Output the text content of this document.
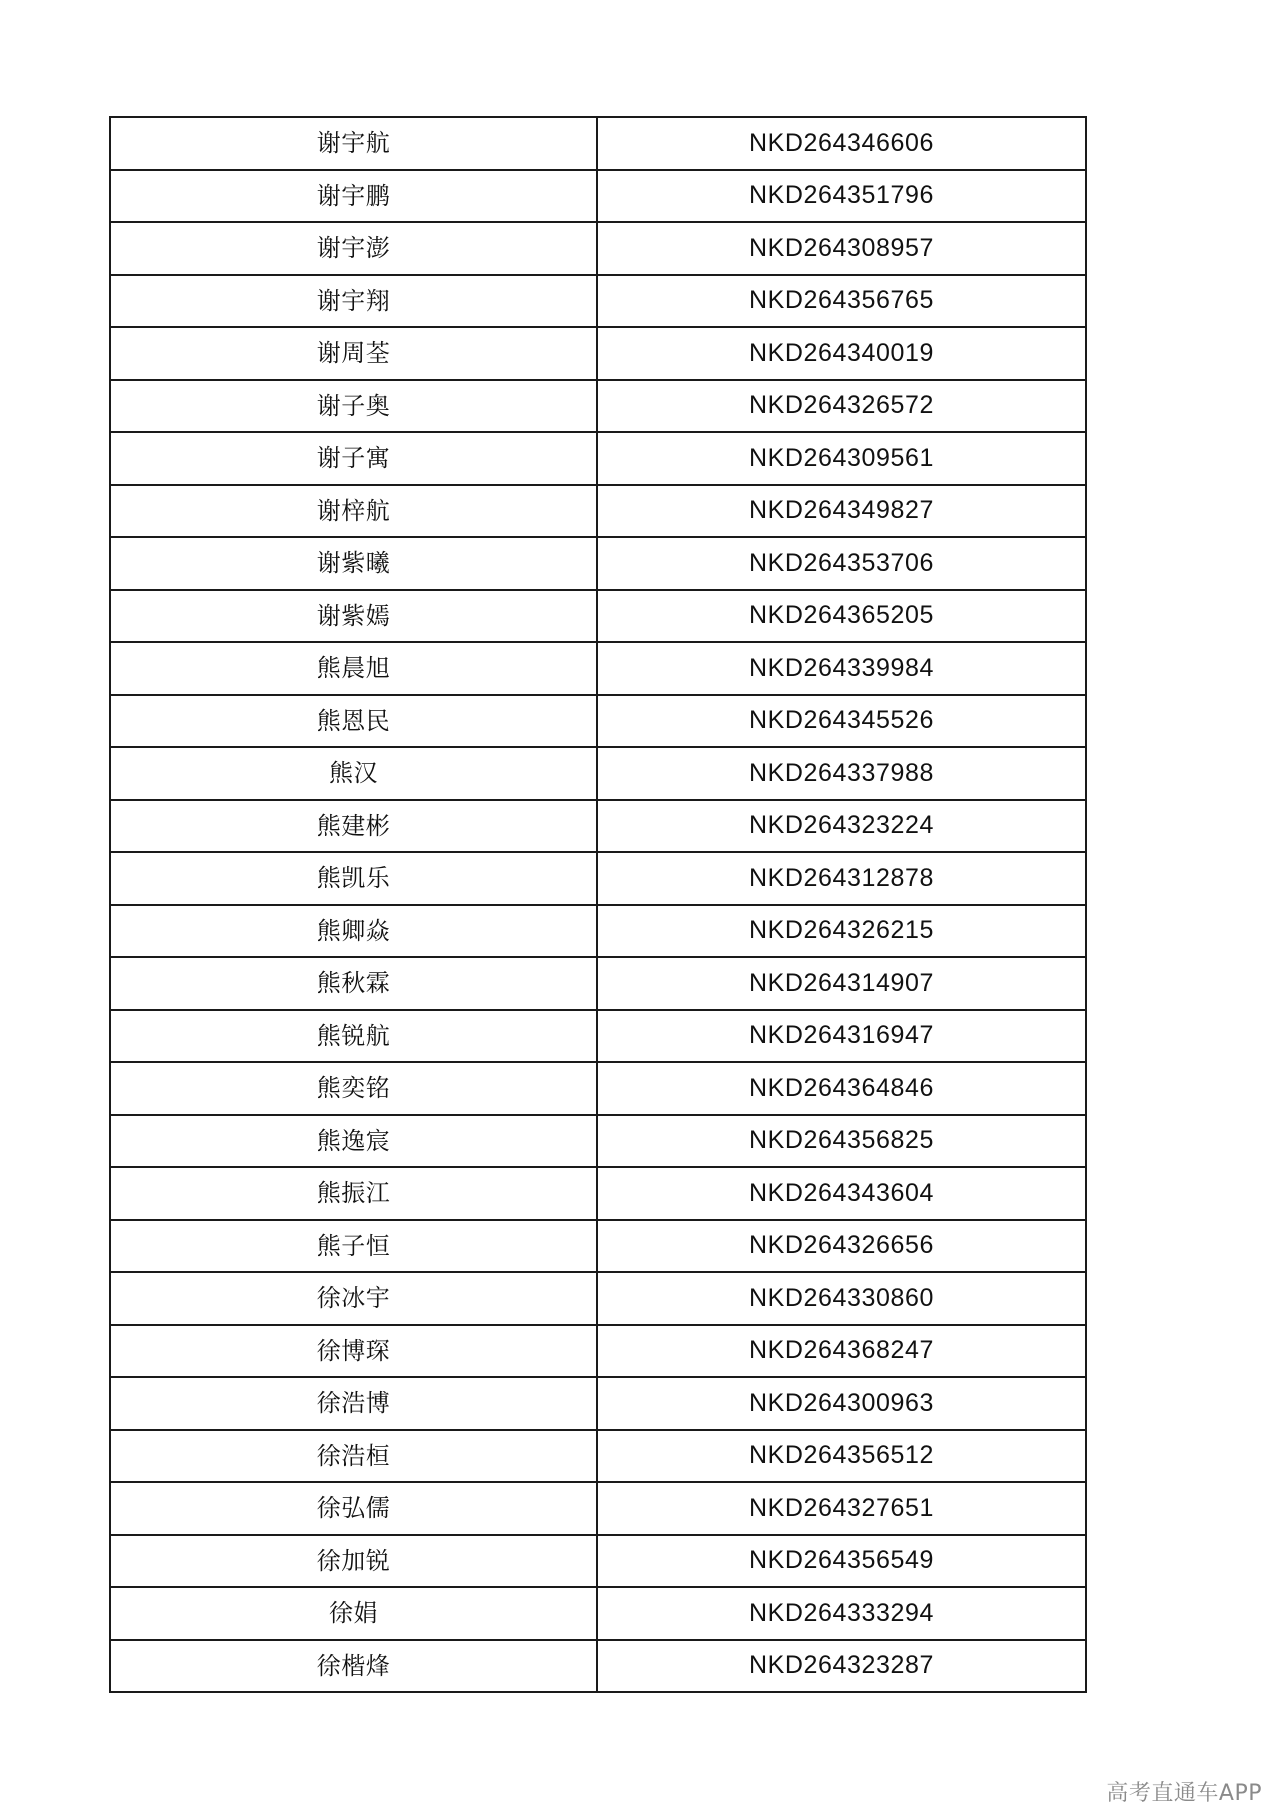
谢宇航	NKD264346606
谢宇鹏	NKD264351796
谢宇澎	NKD264308957
谢宇翔	NKD264356765
谢周荃	NKD264340019
谢子奥	NKD264326572
谢子寓	NKD264309561
谢梓航	NKD264349827
谢紫曦	NKD264353706
谢紫嫣	NKD264365205
熊晨旭	NKD264339984
熊恩民	NKD264345526
熊汉	NKD264337988
熊建彬	NKD264323224
熊凯乐	NKD264312878
熊卿焱	NKD264326215
熊秋霖	NKD264314907
熊锐航	NKD264316947
熊奕铭	NKD264364846
熊逸宸	NKD264356825
熊振江	NKD264343604
熊子恒	NKD264326656
徐冰宇	NKD264330860
徐博琛	NKD264368247
徐浩博	NKD264300963
徐浩桓	NKD264356512
徐弘儒	NKD264327651
徐加锐	NKD264356549
徐娟	NKD264333294
徐楷烽	NKD264323287
高考直通车APP
